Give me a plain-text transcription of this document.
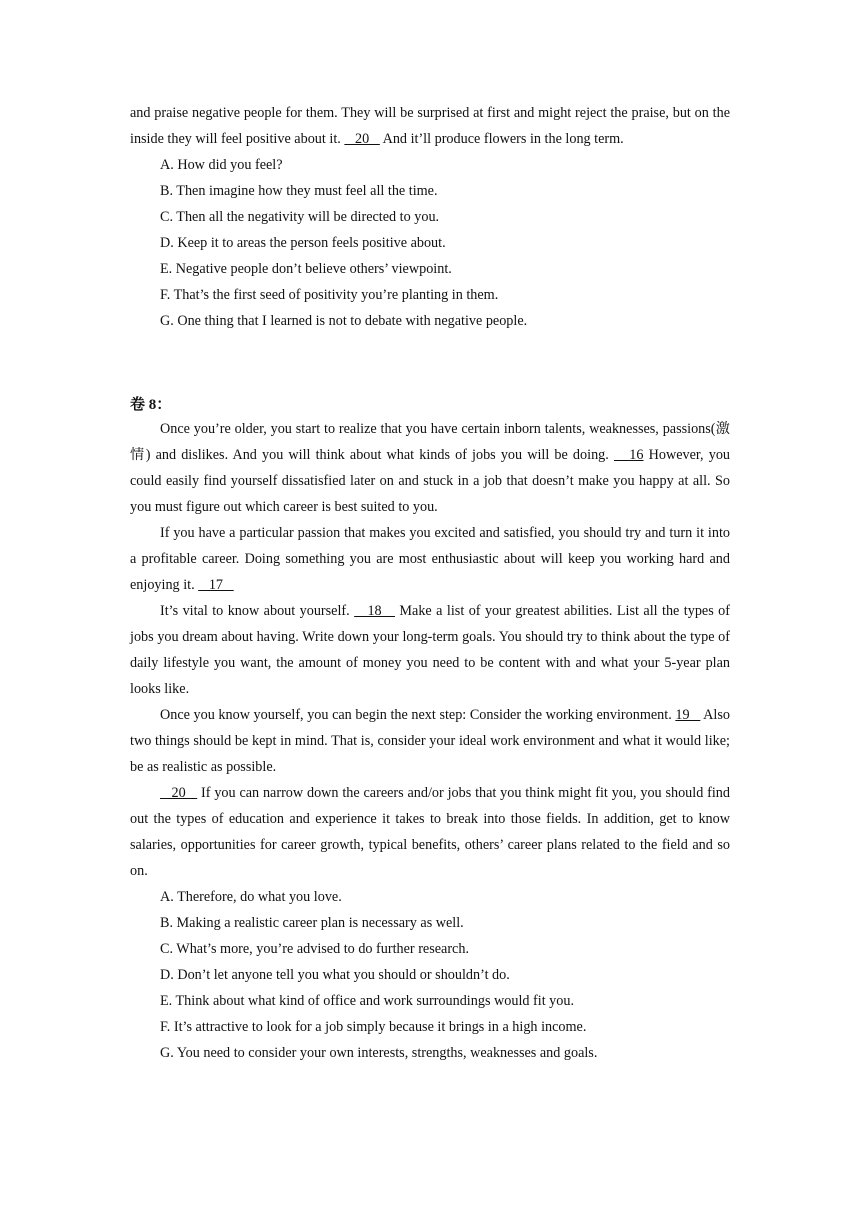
and praise negative people for them. They will be surprised at first and might reject the praise, but on the inside they will feel positive about it.    20    And it’ll produce flowers in the long term.

A. How did you feel?

B. Then imagine how they must feel all the time.

C. Then all the negativity will be directed to you.

D. Keep it to areas the person feels positive about.

E. Negative people don’t believe others’ viewpoint.

F. That’s the first seed of positivity you’re planting in them.

G. One thing that I learned is not to debate with negative people.

卷 8：

Once you’re older, you start to realize that you have certain inborn talents, weaknesses, passions(激情) and dislikes. And you will think about what kinds of jobs you will be doing.    16 However, you could easily find yourself dissatisfied later on and stuck in a job that doesn’t make you happy at all. So you must figure out which career is best suited to you.

If you have a particular passion that makes you excited and satisfied, you should try and turn it into a profitable career. Doing something you are most enthusiastic about will keep you working hard and enjoying it.    17

It’s vital to know about yourself.    18    Make a list of your greatest abilities. List all the types of jobs you dream about having. Write down your long-term goals. You should try to think about the type of daily lifestyle you want, the amount of money you need to be content with and what your 5-year plan looks like.

Once you know yourself, you can begin the next step: Consider the working environment. 19    Also two things should be kept in mind. That is, consider your ideal work environment and what it would like; be as realistic as possible.

20    If you can narrow down the careers and/or jobs that you think might fit you, you should find out the types of education and experience it takes to break into those fields. In addition, get to know salaries, opportunities for career growth, typical benefits, others’ career plans related to the field and so on.

A. Therefore, do what you love.

B. Making a realistic career plan is necessary as well.

C. What’s more, you’re advised to do further research.

D. Don’t let anyone tell you what you should or shouldn’t do.

E. Think about what kind of office and work surroundings would fit you.

F. It’s attractive to look for a job simply because it brings in a high income.

G. You need to consider your own interests, strengths, weaknesses and goals.
